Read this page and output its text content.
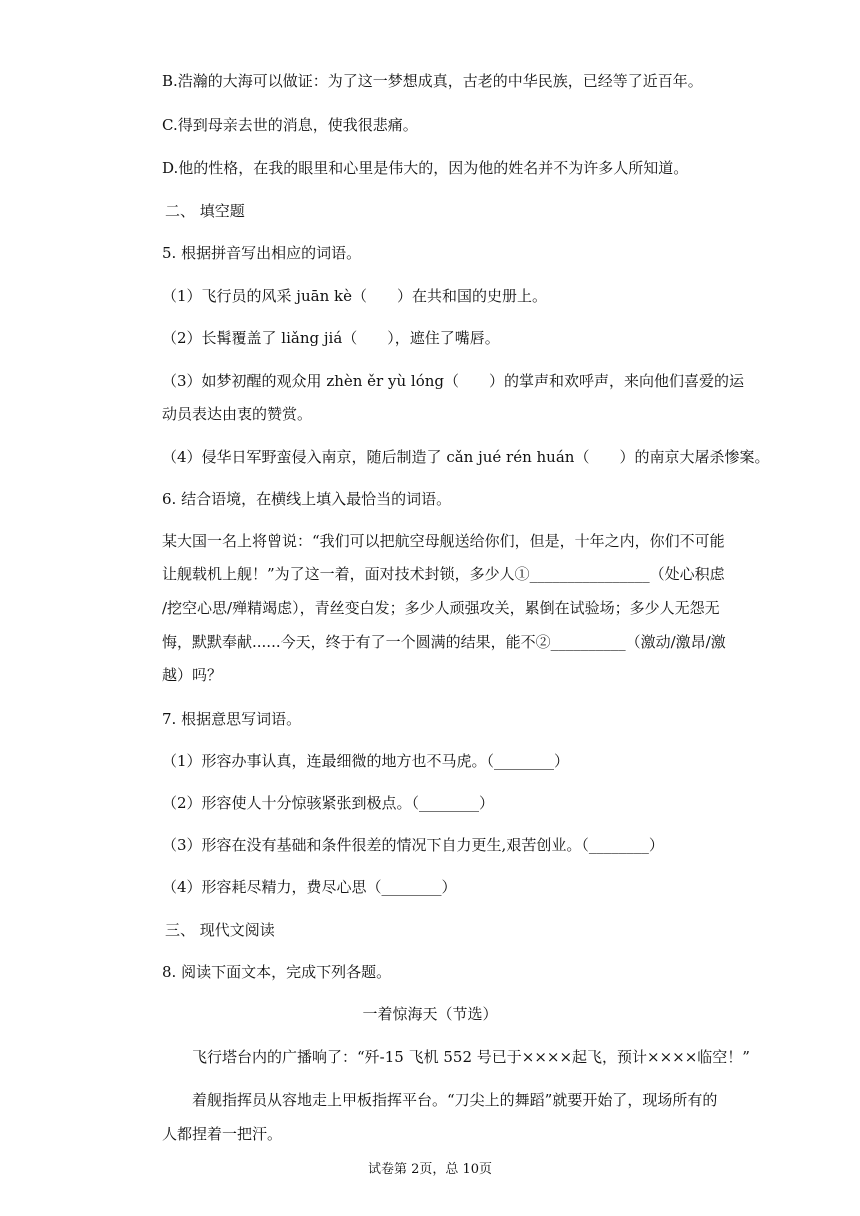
B.浩瀚的大海可以做证：为了这一梦想成真，古老的中华民族，已经等了近百年。
C.得到母亲去世的消息，使我很悲痛。
D.他的性格，在我的眼里和心里是伟大的，因为他的姓名并不为许多人所知道。
二、 填空题
5. 根据拼音写出相应的词语。
（1）飞行员的风采 juān kè（　　）在共和国的史册上。
（2）长髯覆盖了 liǎng jiá（　　），遮住了嘴唇。
（3）如梦初醒的观众用 zhèn ěr yù lóng（　　）的掌声和欢呼声，来向他们喜爱的运
动员表达由衷的赞赏。
（4）侵华日军野蛮侵入南京，随后制造了 cǎn jué rén huán（　　）的南京大屠杀惨案。
6. 结合语境，在横线上填入最恰当的词语。
某大国一名上将曾说：“我们可以把航空母舰送给你们，但是，十年之内，你们不可能
让舰载机上舰！”为了这一着，面对技术封锁，多少人①________________（处心积虑
/挖空心思/殚精竭虑），青丝变白发；多少人顽强攻关，累倒在试验场；多少人无怨无
悔，默默奉献......今天，终于有了一个圆满的结果，能不②__________（激动/激昂/激
越）吗？
7. 根据意思写词语。
（1）形容办事认真，连最细微的地方也不马虎。（________）
（2）形容使人十分惊骇紧张到极点。（________）
（3）形容在没有基础和条件很差的情况下自力更生,艰苦创业。（________）
（4）形容耗尽精力，费尽心思（________）
三、 现代文阅读
8. 阅读下面文本，完成下列各题。
一着惊海天（节选）
飞行塔台内的广播响了：“歼-15 飞机 552 号已于××××起飞，预计××××临空！”
着舰指挥员从容地走上甲板指挥平台。“刀尖上的舞蹈”就要开始了，现场所有的
人都捏着一把汗。
试卷第 2页，总 10页
